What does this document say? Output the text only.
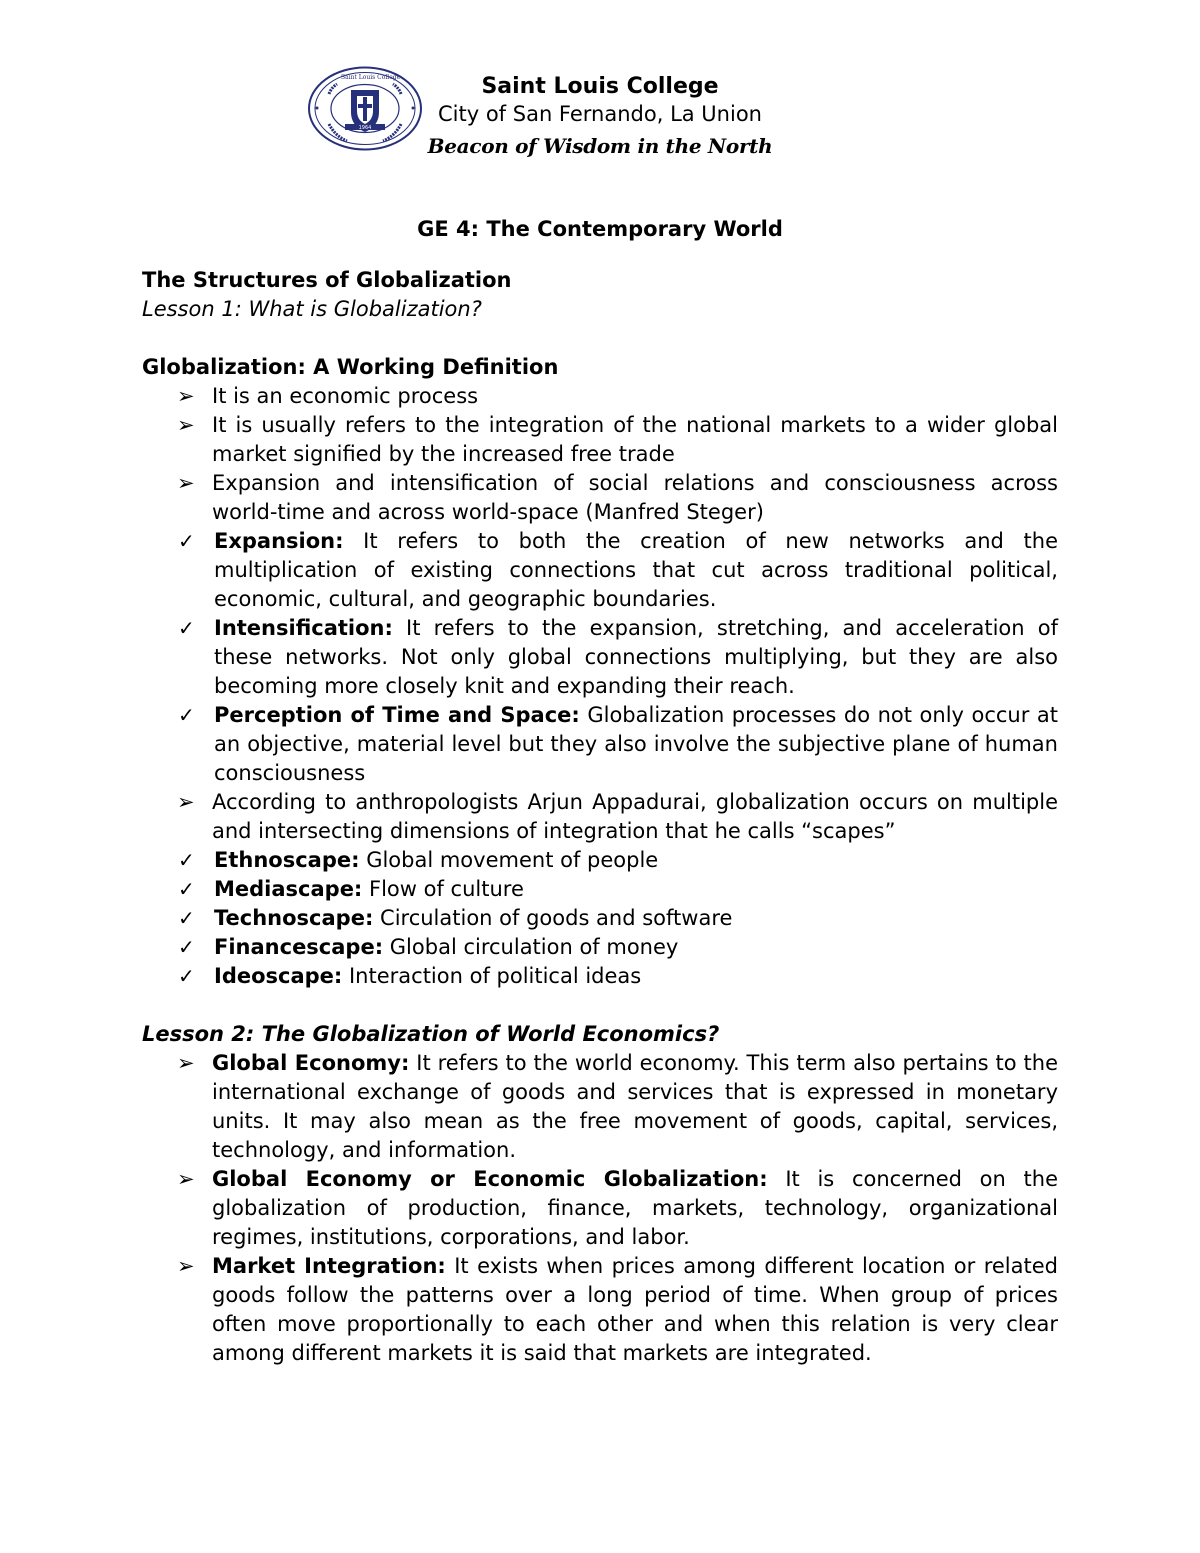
1964
Saint Louis College	Saint Louis College
City of San Fernando, La Union
Beacon of Wisdom in the North
GE 4: The Contemporary World
The Structures of Globalization
Lesson 1: What is Globalization?
Globalization: A Working Definition
➢ It is an economic process
➢ It is usually refers to the integration of the national markets to a wider global market signified by the increased free trade
➢ Expansion and intensification of social relations and consciousness across world-time and across world-space (Manfred Steger)
✓ Expansion: It refers to both the creation of new networks and the multiplication of existing connections that cut across traditional political, economic, cultural, and geographic boundaries.
✓ Intensification: It refers to the expansion, stretching, and acceleration of these networks. Not only global connections multiplying, but they are also becoming more closely knit and expanding their reach.
✓ Perception of Time and Space: Globalization processes do not only occur at an objective, material level but they also involve the subjective plane of human consciousness
➢ According to anthropologists Arjun Appadurai, globalization occurs on multiple and intersecting dimensions of integration that he calls “scapes”
✓ Ethnoscape: Global movement of people
✓ Mediascape: Flow of culture
✓ Technoscape: Circulation of goods and software
✓ Financescape: Global circulation of money
✓ Ideoscape: Interaction of political ideas
Lesson 2: The Globalization of World Economics?
➢ Global Economy: It refers to the world economy. This term also pertains to the international exchange of goods and services that is expressed in monetary units. It may also mean as the free movement of goods, capital, services, technology, and information.
➢ Global Economy or Economic Globalization: It is concerned on the globalization of production, finance, markets, technology, organizational regimes, institutions, corporations, and labor.
➢ Market Integration: It exists when prices among different location or related goods follow the patterns over a long period of time. When group of prices often move proportionally to each other and when this relation is very clear among different markets it is said that markets are integrated.
